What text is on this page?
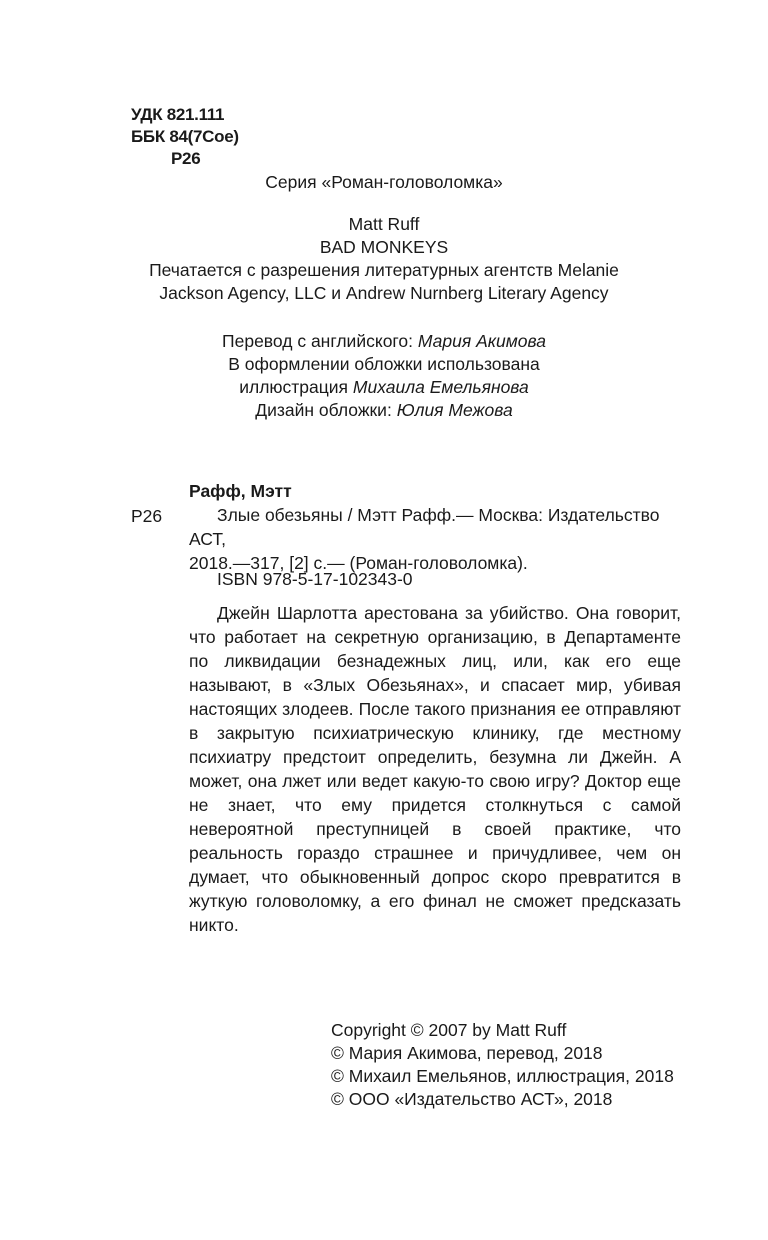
УДК 821.111
ББК 84(7Сое)
Р26
Серия «Роман-головоломка»
Matt Ruff
BAD MONKEYS
Печатается с разрешения литературных агентств Melanie
Jackson Agency, LLC и Andrew Nurnberg Literary Agency
Перевод с английского: Мария Акимова
В оформлении обложки использована
иллюстрация Михаила Емельянова
Дизайн обложки: Юлия Межова
Рафф, Мэтт
Р26	Злые обезьяны / Мэтт Рафф.— Москва: Издательство АСТ,
2018.—317, [2] с.— (Роман-головоломка).
ISBN 978-5-17-102343-0

Джейн Шарлотта арестована за убийство. Она говорит, что работает на секретную организацию, в Департаменте по ликвидации безнадежных лиц, или, как его еще называют, в «Злых Обезьянах», и спасает мир, убивая настоящих злодеев. После такого признания ее отправляют в закрытую психиатрическую клинику, где местному психиатру предстоит определить, безумна ли Джейн. А может, она лжет или ведет какую-то свою игру? Доктор еще не знает, что ему придется столкнуться с самой невероятной преступницей в своей практике, что реальность гораздо страшнее и причудливее, чем он думает, что обыкновенный допрос скоро превратится в жуткую головоломку, а его финал не сможет предсказать никто.

Copyright © 2007 by Matt Ruff
© Мария Акимова, перевод, 2018
© Михаил Емельянов, иллюстрация, 2018
© ООО «Издательство АСТ», 2018
